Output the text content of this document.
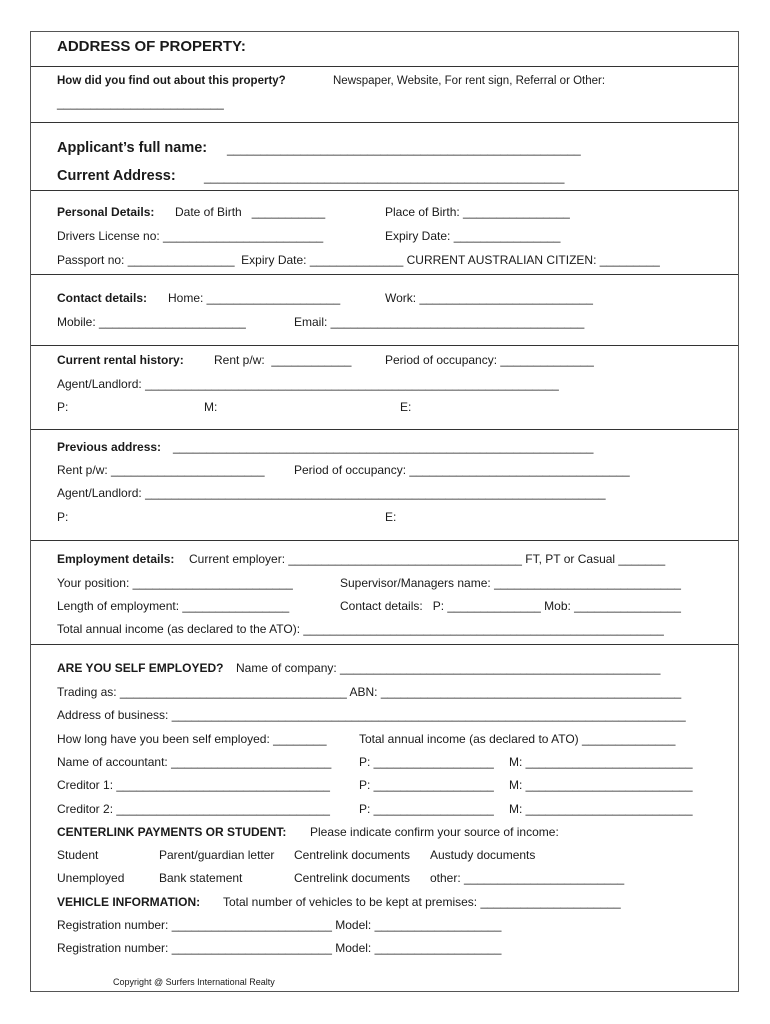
ADDRESS OF PROPERTY:
How did you find out about this property?	Newspaper, Website, For rent sign, Referral or Other:
_________________________
Applicant’s full name: _____________________________________________________
Current Address: ______________________________________________________
Personal Details: Date of Birth   ___________	Place of Birth: ________________
Drivers License no: ________________________	Expiry Date: ________________
Passport no: ________________  Expiry Date: ______________ CURRENT AUSTRALIAN CITIZEN: _________
Contact details: Home: ____________________	Work: __________________________
Mobile: ______________________	Email: ______________________________________
Current rental history:	Rent p/w:  ____________	Period of occupancy: ______________
Agent/Landlord: ______________________________________________________________
P:	M:	E:
Previous address: _______________________________________________________________
Rent p/w: _______________________ Period of occupancy: _________________________________
Agent/Landlord: _____________________________________________________________________
P:	E:
Employment details: Current employer: ___________________________________ FT, PT or Casual _______
Your position: ________________________	Supervisor/Managers name: ____________________________
Length of employment: ________________	Contact details:   P: ______________ Mob: ________________
Total annual income (as declared to the ATO): ______________________________________________________
ARE YOU SELF EMPLOYED? Name of company: ________________________________________________
Trading as: __________________________________ ABN: _____________________________________________
Address of business: _____________________________________________________________________________
How long have you been self employed: ________	Total annual income (as declared to ATO) ______________
Name of accountant: ________________________ P: __________________ M: _________________________
Creditor 1: ________________________________ P: __________________ M: _________________________
Creditor 2: ________________________________ P: __________________ M: _________________________
CENTERLINK PAYMENTS OR STUDENT: Please indicate confirm your source of income:
Student	Parent/guardian letter Centrelink documents Austudy documents
Unemployed	Bank statement	Centrelink documents other: ________________________
VEHICLE INFORMATION: Total number of vehicles to be kept at premises: _____________________
Registration number: ________________________ Model: ___________________
Registration number: ________________________ Model: ___________________
Copyright @ Surfers International Realty
